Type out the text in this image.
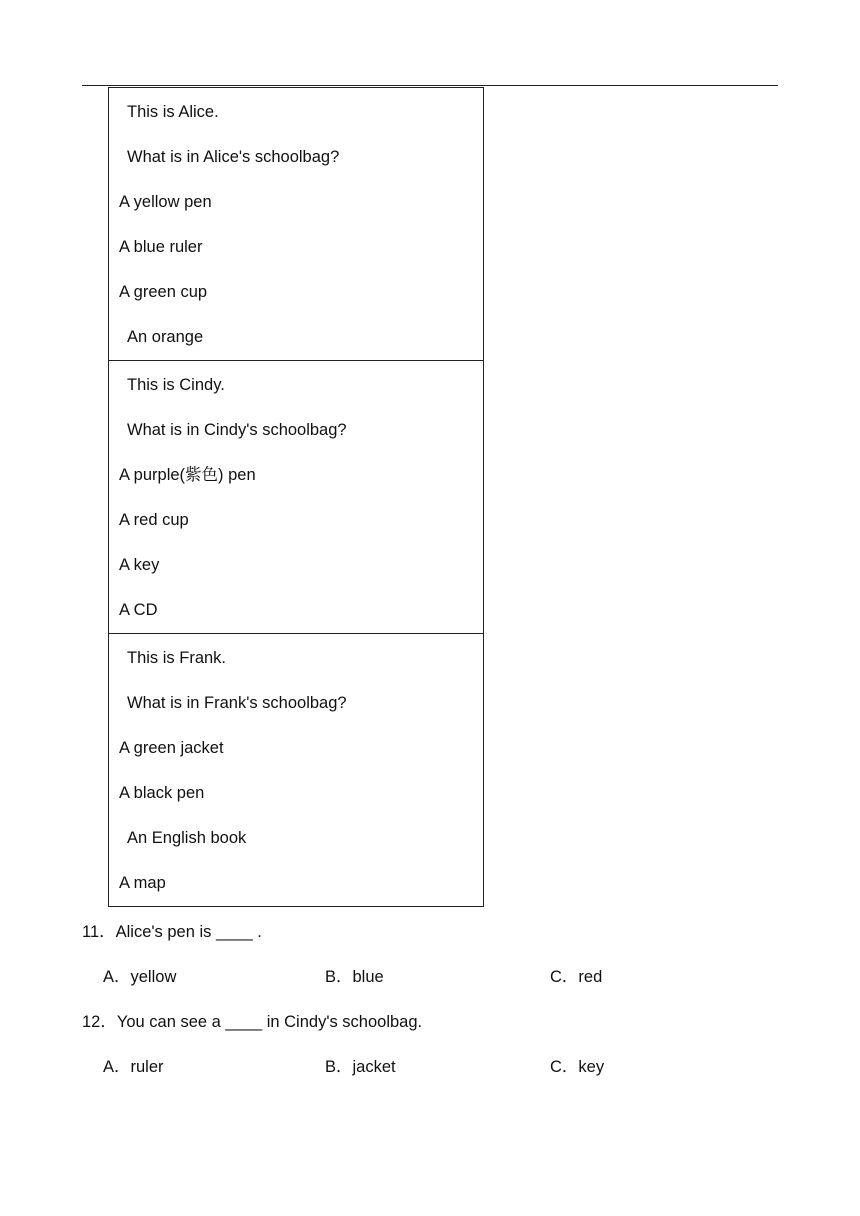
This is Alice.
What is in Alice's schoolbag?
A yellow pen
A blue ruler
A green cup
An orange

This is Cindy.
What is in Cindy's schoolbag?
A purple(紫色) pen
A red cup
A key
A CD

This is Frank.
What is in Frank's schoolbag?
A green jacket
A black pen
An English book
A map
11．Alice's pen is ____ .
A．yellow	B．blue	C．red
12．You can see a ____ in Cindy's schoolbag.
A．ruler	B．jacket	C．key
